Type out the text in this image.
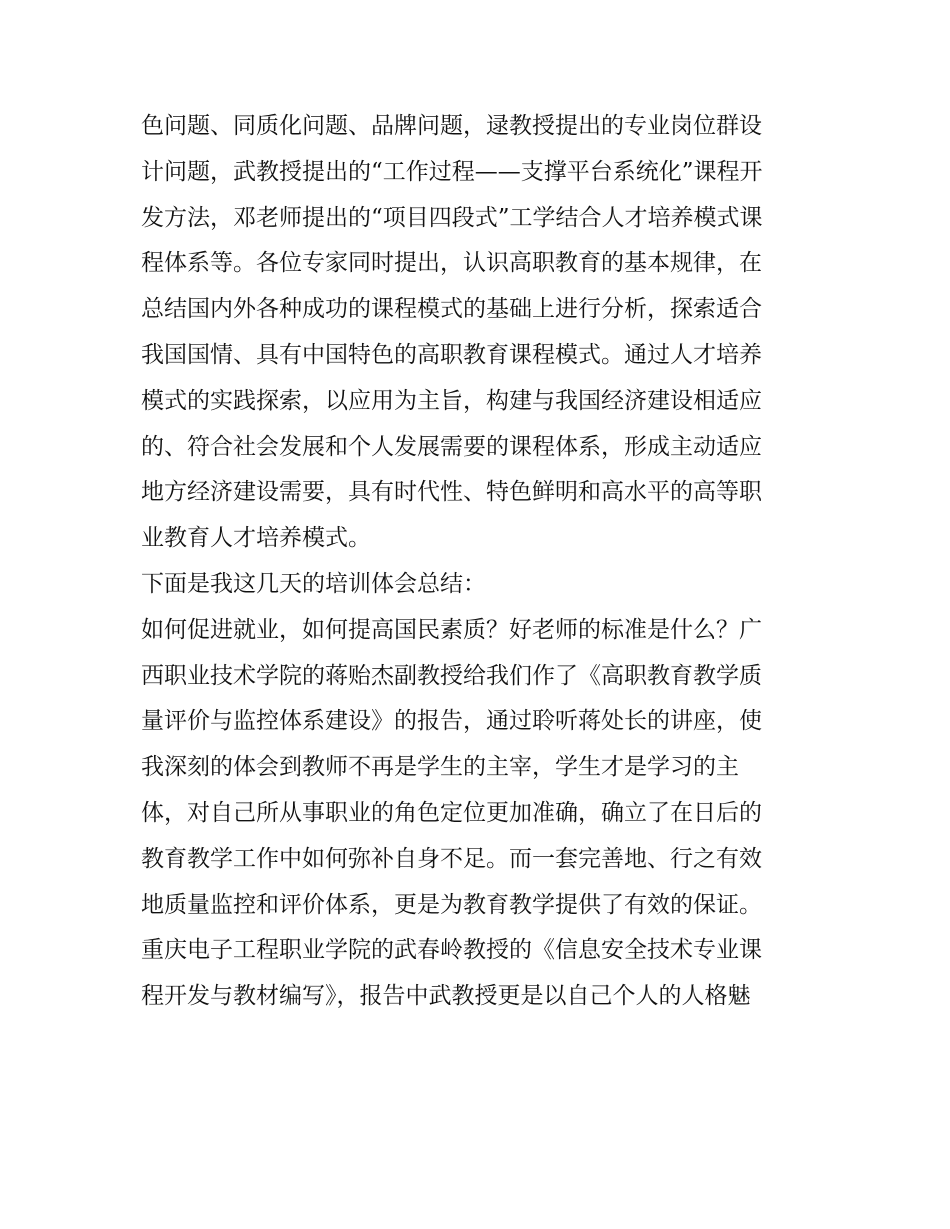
色问题、同质化问题、品牌问题，逯教授提出的专业岗位群设
计问题，武教授提出的“工作过程——支撑平台系统化”课程开
发方法，邓老师提出的“项目四段式”工学结合人才培养模式课
程体系等。各位专家同时提出，认识高职教育的基本规律，在
总结国内外各种成功的课程模式的基础上进行分析，探索适合
我国国情、具有中国特色的高职教育课程模式。通过人才培养
模式的实践探索，以应用为主旨，构建与我国经济建设相适应
的、符合社会发展和个人发展需要的课程体系，形成主动适应
地方经济建设需要，具有时代性、特色鲜明和高水平的高等职
业教育人才培养模式。
下面是我这几天的培训体会总结：
如何促进就业，如何提高国民素质？好老师的标准是什么？广
西职业技术学院的蒋贻杰副教授给我们作了《高职教育教学质
量评价与监控体系建设》的报告，通过聆听蒋处长的讲座，使
我深刻的体会到教师不再是学生的主宰，学生才是学习的主
体，对自己所从事职业的角色定位更加准确，确立了在日后的
教育教学工作中如何弥补自身不足。而一套完善地、行之有效
地质量监控和评价体系，更是为教育教学提供了有效的保证。
重庆电子工程职业学院的武春岭教授的《信息安全技术专业课
程开发与教材编写》，报告中武教授更是以自己个人的人格魅
